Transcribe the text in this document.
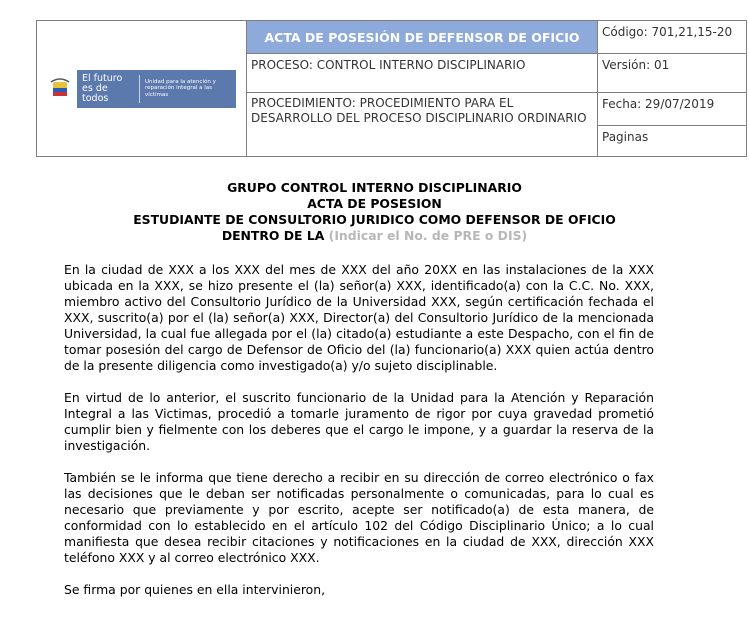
El futuro es de todos
Unidad para la atención y reparación integral a las víctimas	ACTA DE POSESIÓN DE DEFENSOR DE OFICIO	Código: 701,21,15-20
	PROCESO: CONTROL INTERNO DISCIPLINARIO	Versión: 01
	PROCEDIMIENTO: PROCEDIMIENTO PARA EL DESARROLLO DEL PROCESO DISCIPLINARIO ORDINARIO	Fecha: 29/07/2019
		Paginas
GRUPO CONTROL INTERNO DISCIPLINARIO
ACTA DE POSESION
ESTUDIANTE DE CONSULTORIO JURIDICO COMO DEFENSOR DE OFICIO
DENTRO DE LA (Indicar el No. de PRE o DIS)

En la ciudad de XXX a los XXX del mes de XXX del año 20XX en las instalaciones de la XXX ubicada en la XXX, se hizo presente el (la) señor(a) XXX, identificado(a) con la C.C. No. XXX, miembro activo del Consultorio Jurídico de la Universidad XXX, según certificación fechada el XXX, suscrito(a) por el (la) señor(a) XXX, Director(a) del Consultorio Jurídico de la mencionada Universidad, la cual fue allegada por el (la) citado(a) estudiante a este Despacho, con el fin de tomar posesión del cargo de Defensor de Oficio del (la) funcionario(a) XXX quien actúa dentro de la presente diligencia como investigado(a) y/o sujeto disciplinable.

En virtud de lo anterior, el suscrito funcionario de la Unidad para la Atención y Reparación Integral a las Victimas, procedió a tomarle juramento de rigor por cuya gravedad prometió cumplir bien y fielmente con los deberes que el cargo le impone, y a guardar la reserva de la investigación.

También se le informa que tiene derecho a recibir en su dirección de correo electrónico o fax las decisiones que le deban ser notificadas personalmente o comunicadas, para lo cual es necesario que previamente y por escrito, acepte ser notificado(a) de esta manera, de conformidad con lo establecido en el artículo 102 del Código Disciplinario Único; a lo cual manifiesta que desea recibir citaciones y notificaciones en la ciudad de XXX, dirección XXX teléfono XXX y al correo electrónico XXX.

Se firma por quienes en ella intervinieron,
